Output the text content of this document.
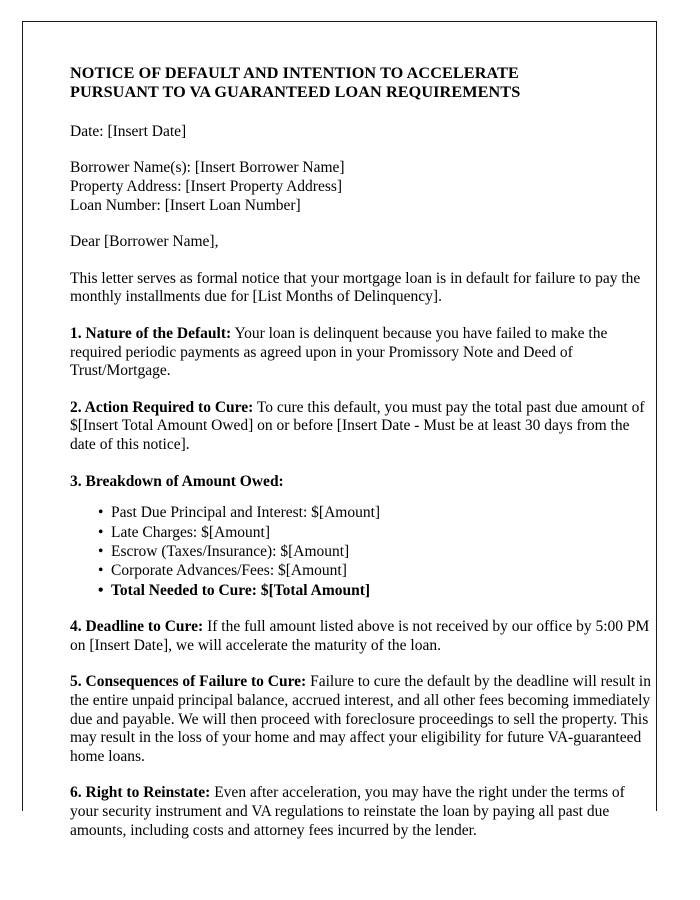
NOTICE OF DEFAULT AND INTENTION TO ACCELERATE
PURSUANT TO VA GUARANTEED LOAN REQUIREMENTS

Date: [Insert Date]

Borrower Name(s): [Insert Borrower Name]
Property Address: [Insert Property Address]
Loan Number: [Insert Loan Number]

Dear [Borrower Name],

This letter serves as formal notice that your mortgage loan is in default for failure to pay the monthly installments due for [List Months of Delinquency].

1. Nature of the Default: Your loan is delinquent because you have failed to make the required periodic payments as agreed upon in your Promissory Note and Deed of Trust/Mortgage.

2. Action Required to Cure: To cure this default, you must pay the total past due amount of $[Insert Total Amount Owed] on or before [Insert Date - Must be at least 30 days from the date of this notice].

3. Breakdown of Amount Owed:

• Past Due Principal and Interest: $[Amount]
• Late Charges: $[Amount]
• Escrow (Taxes/Insurance): $[Amount]
• Corporate Advances/Fees: $[Amount]
• Total Needed to Cure: $[Total Amount]

4. Deadline to Cure: If the full amount listed above is not received by our office by 5:00 PM on [Insert Date], we will accelerate the maturity of the loan.

5. Consequences of Failure to Cure: Failure to cure the default by the deadline will result in the entire unpaid principal balance, accrued interest, and all other fees becoming immediately due and payable. We will then proceed with foreclosure proceedings to sell the property. This may result in the loss of your home and may affect your eligibility for future VA-guaranteed home loans.

6. Right to Reinstate: Even after acceleration, you may have the right under the terms of your security instrument and VA regulations to reinstate the loan by paying all past due amounts, including costs and attorney fees incurred by the lender.
